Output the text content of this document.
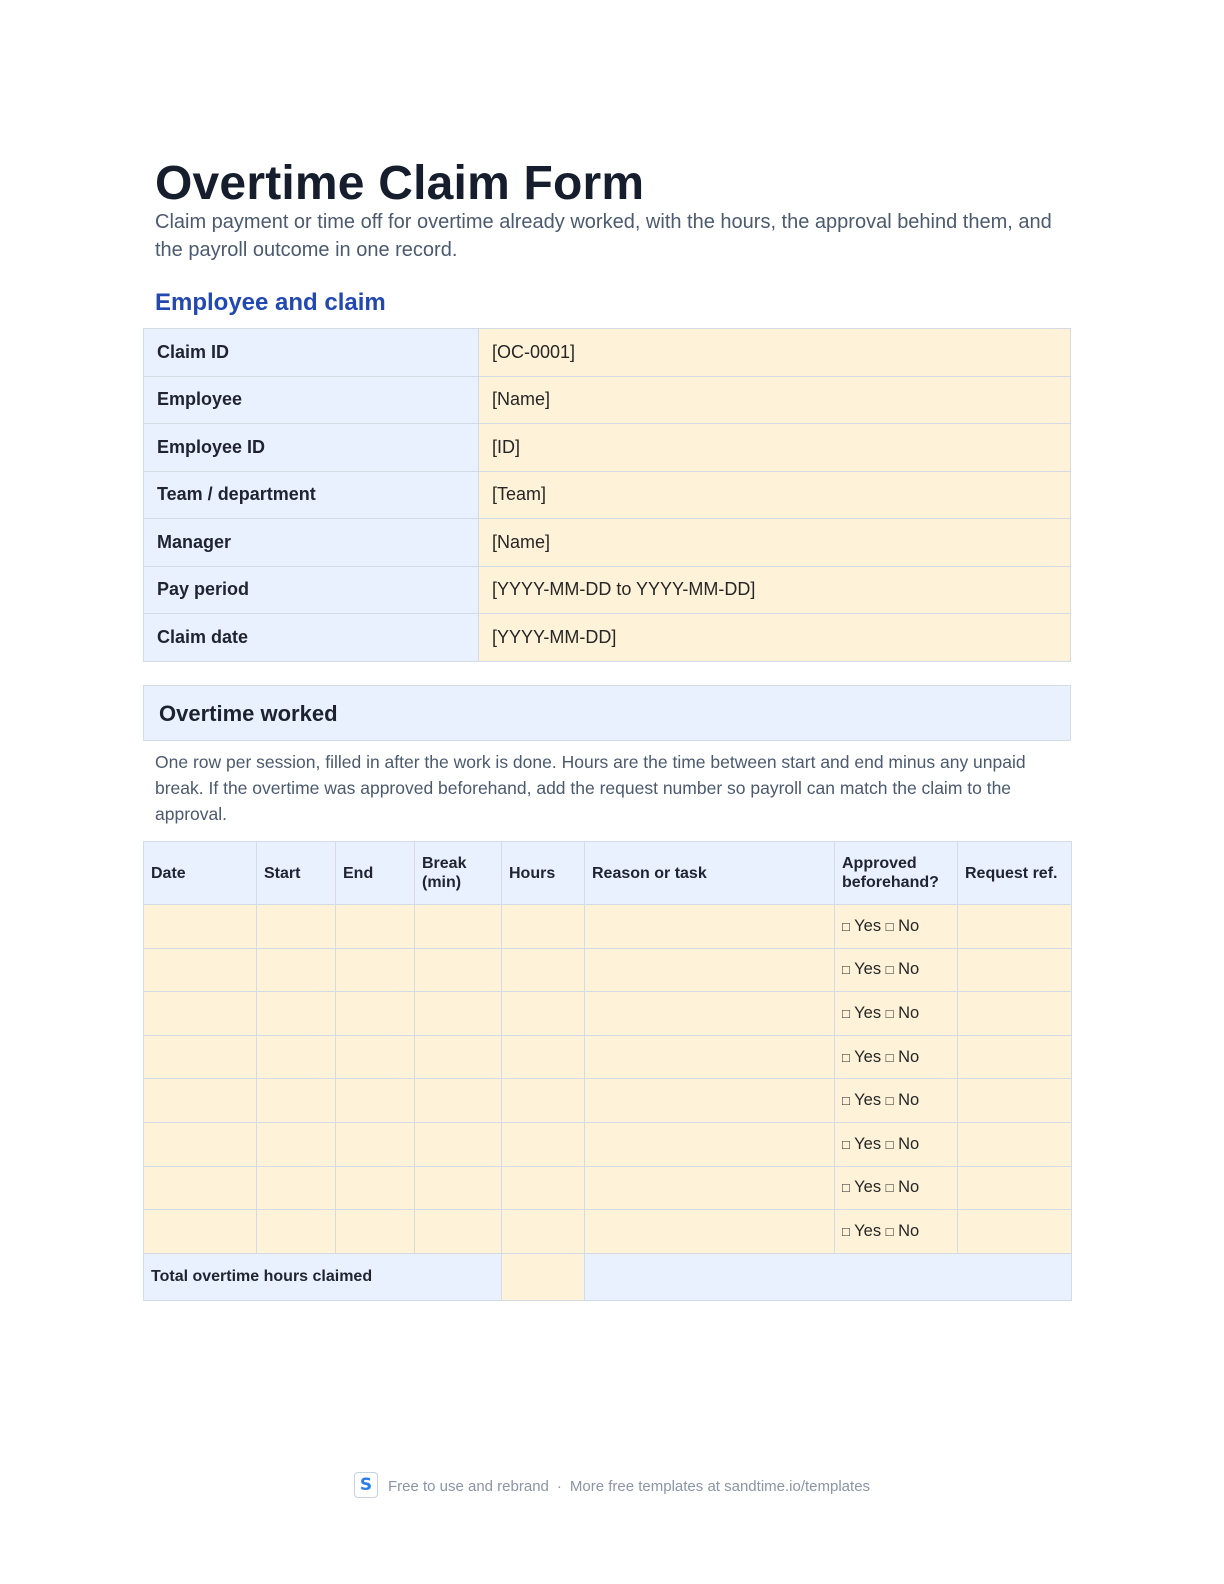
Overtime Claim Form

Claim payment or time off for overtime already worked, with the hours, the approval behind them, and the payroll outcome in one record.

Employee and claim
Claim ID	[OC-0001]
Employee	[Name]
Employee ID	[ID]
Team / department	[Team]
Manager	[Name]
Pay period	[YYYY-MM-DD to YYYY-MM-DD]
Claim date	[YYYY-MM-DD]
Overtime worked

One row per session, filled in after the work is done. Hours are the time between start and end minus any unpaid break. If the overtime was approved beforehand, add the request number so payroll can match the claim to the approval.

Date	Start	End	Break (min)	Hours	Reason or task	Approved beforehand?	Request ref.
						□ Yes □ No	
						□ Yes □ No	
						□ Yes □ No	
						□ Yes □ No	
						□ Yes □ No	
						□ Yes □ No	
						□ Yes □ No	
						□ Yes □ No	
Total overtime hours claimed							
S Free to use and rebrand · More free templates at sandtime.io/templates
